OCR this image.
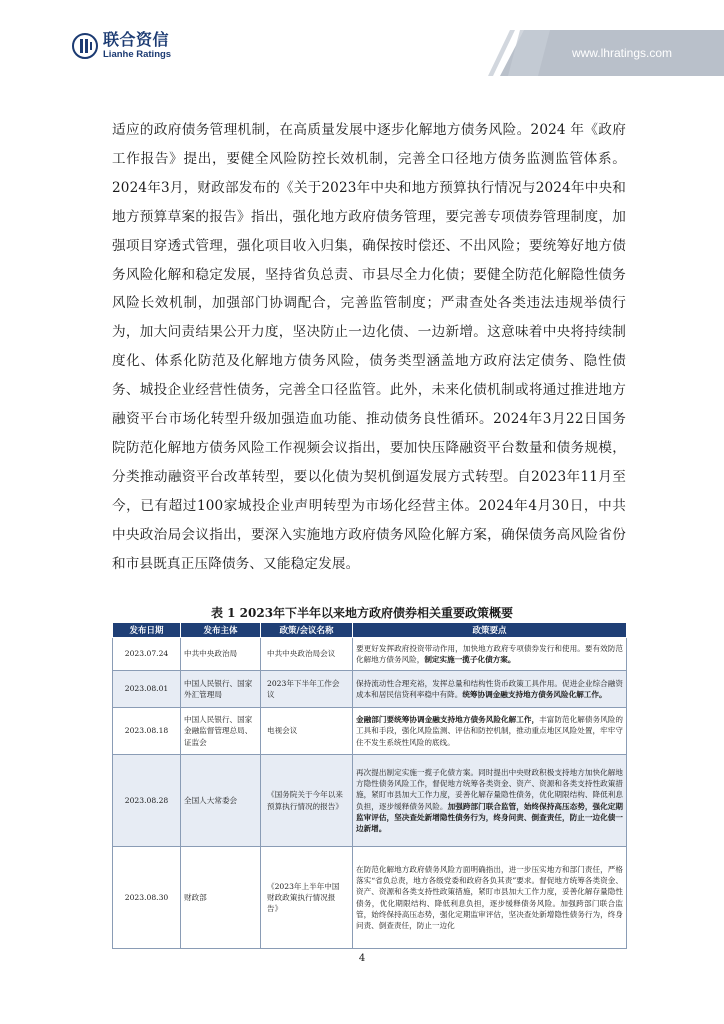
联合资信
Lianhe Ratings	www.lhratings.com

适应的政府债务管理机制，在高质量发展中逐步化解地方债务风险。2024 年《政府工作报告》提出，要健全风险防控长效机制，完善全口径地方债务监测监管体系。2024年3月，财政部发布的《关于2023年中央和地方预算执行情况与2024年中央和地方预算草案的报告》指出，强化地方政府债务管理，要完善专项债券管理制度，加强项目穿透式管理，强化项目收入归集，确保按时偿还、不出风险；要统筹好地方债务风险化解和稳定发展，坚持省负总责、市县尽全力化债；要健全防范化解隐性债务风险长效机制，加强部门协调配合，完善监管制度；严肃查处各类违法违规举债行为，加大问责结果公开力度，坚决防止一边化债、一边新增。这意味着中央将持续制度化、体系化防范及化解地方债务风险，债务类型涵盖地方政府法定债务、隐性债务、城投企业经营性债务，完善全口径监管。此外，未来化债机制或将通过推进地方融资平台市场化转型升级加强造血功能、推动债务良性循环。2024年3月22日国务院防范化解地方债务风险工作视频会议指出，要加快压降融资平台数量和债务规模，分类推动融资平台改革转型，要以化债为契机倒逼发展方式转型。自2023年11月至今，已有超过100家城投企业声明转型为市场化经营主体。2024年4月30日，中共中央政治局会议指出，要深入实施地方政府债务风险化解方案，确保债务高风险省份和市县既真正压降债务、又能稳定发展。

表 1 2023年下半年以来地方政府债券相关重要政策概要
发布日期	发布主体	政策/会议名称	政策要点
2023.07.24	中共中央政治局	中共中央政治局会议	要更好发挥政府投资带动作用，加快地方政府专项债券发行和使用。要有效防范化解地方债务风险，制定实施一揽子化债方案。
2023.08.01	中国人民银行、国家外汇管理局	2023年下半年工作会议	保持流动性合理充裕，发挥总量和结构性货币政策工具作用。促进企业综合融资成本和居民信贷利率稳中有降。统筹协调金融支持地方债务风险化解工作。
2023.08.18	中国人民银行、国家金融监督管理总局、证监会	电视会议	金融部门要统筹协调金融支持地方债务风险化解工作，丰富防范化解债务风险的工具和手段，强化风险监测、评估和防控机制，推动重点地区风险处置，牢牢守住不发生系统性风险的底线。
2023.08.28	全国人大常委会	《国务院关于今年以来预算执行情况的报告》	再次提出制定实施一揽子化债方案。同时提出中央财政积极支持地方加快化解地方隐性债务风险工作，督促地方统筹各类资金、资产、资源和各类支持性政策措施，紧盯市县加大工作力度，妥善化解存量隐性债务，优化期限结构、降低利息负担，逐步缓释债务风险。加强跨部门联合监管，始终保持高压态势，强化定期监审评估，坚决查处新增隐性债务行为，终身问责、倒查责任，防止一边化债一边新增。
2023.08.30	财政部	《2023年上半年中国财政政策执行情况报告》	在防范化解地方政府债务风险方面明确指出，进一步压实地方和部门责任，严格落实“省负总责，地方各级党委和政府各负其责”要求。督促地方统筹各类资金、资产、资源和各类支持性政策措施，紧盯市县加大工作力度，妥善化解存量隐性债务，优化期限结构、降低利息负担，逐步缓释债务风险。加强跨部门联合监管，始终保持高压态势，强化定期监审评估，坚决查处新增隐性债务行为，终身问责、倒查责任，防止一边化
4
